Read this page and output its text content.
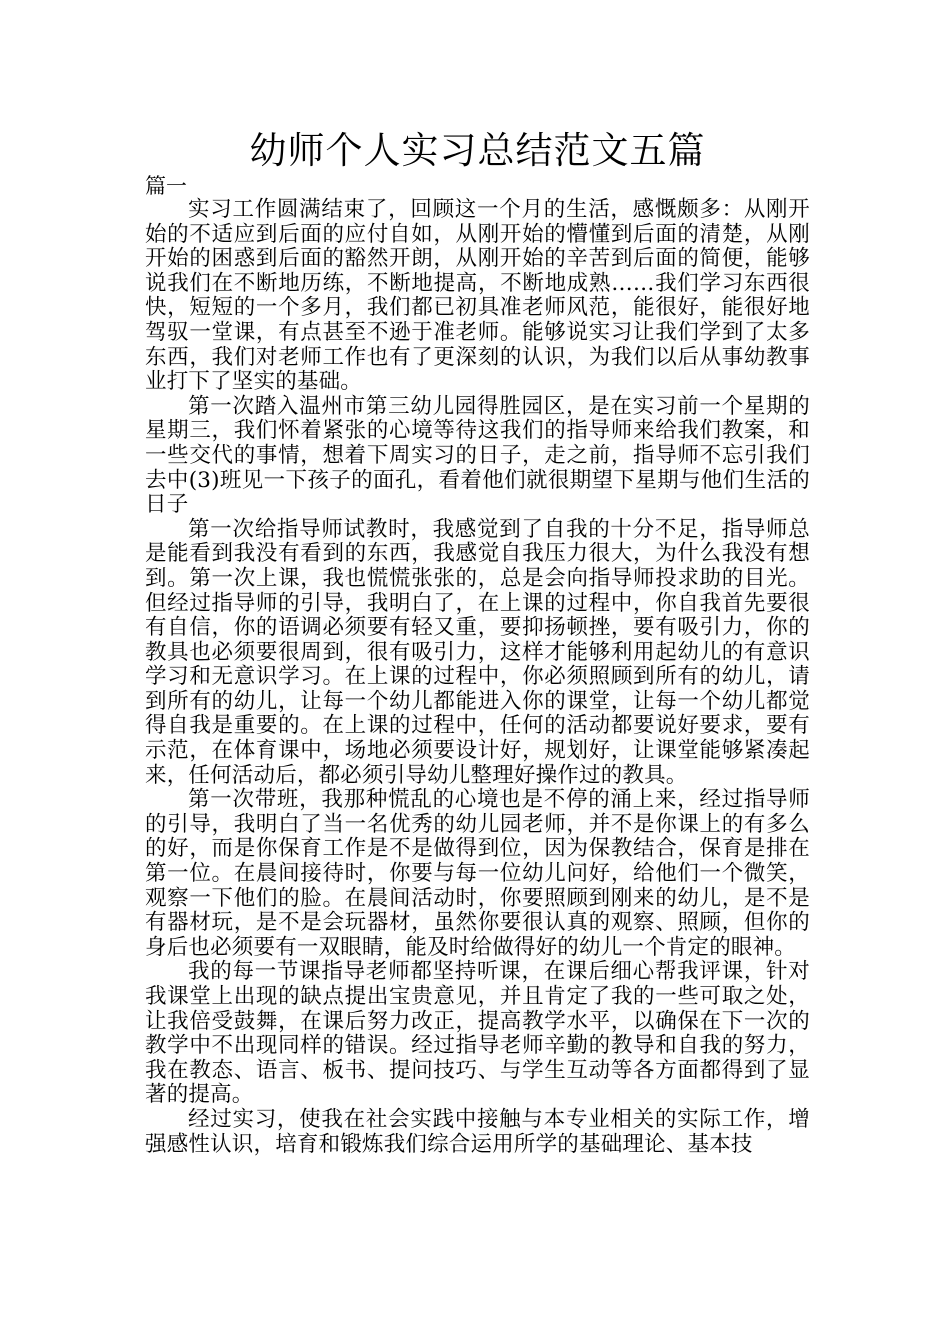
幼师个人实习总结范文五篇

篇一

实习工作圆满结束了，回顾这一个月的生活，感慨颇多：从刚开始的不适应到后面的应付自如，从刚开始的懵懂到后面的清楚，从刚开始的困惑到后面的豁然开朗，从刚开始的辛苦到后面的简便，能够说我们在不断地历练，不断地提高，不断地成熟……我们学习东西很快，短短的一个多月，我们都已初具准老师风范，能很好，能很好地驾驭一堂课，有点甚至不逊于准老师。能够说实习让我们学到了太多东西，我们对老师工作也有了更深刻的认识，为我们以后从事幼教事业打下了坚实的基础。

第一次踏入温州市第三幼儿园得胜园区，是在实习前一个星期的星期三，我们怀着紧张的心境等待这我们的指导师来给我们教案，和一些交代的事情，想着下周实习的日子，走之前，指导师不忘引我们去中(3)班见一下孩子的面孔，看着他们就很期望下星期与他们生活的日子

第一次给指导师试教时，我感觉到了自我的十分不足，指导师总是能看到我没有看到的东西，我感觉自我压力很大，为什么我没有想到。第一次上课，我也慌慌张张的，总是会向指导师投求助的目光。但经过指导师的引导，我明白了，在上课的过程中，你自我首先要很有自信，你的语调必须要有轻又重，要抑扬顿挫，要有吸引力，你的教具也必须要很周到，很有吸引力，这样才能够利用起幼儿的有意识学习和无意识学习。在上课的过程中，你必须照顾到所有的幼儿，请到所有的幼儿，让每一个幼儿都能进入你的课堂，让每一个幼儿都觉得自我是重要的。在上课的过程中，任何的活动都要说好要求，要有示范，在体育课中，场地必须要设计好，规划好，让课堂能够紧凑起来，任何活动后，都必须引导幼儿整理好操作过的教具。

第一次带班，我那种慌乱的心境也是不停的涌上来，经过指导师的引导，我明白了当一名优秀的幼儿园老师，并不是你课上的有多么的好，而是你保育工作是不是做得到位，因为保教结合，保育是排在第一位。在晨间接待时，你要与每一位幼儿问好，给他们一个微笑，观察一下他们的脸。在晨间活动时，你要照顾到刚来的幼儿，是不是有器材玩，是不是会玩器材，虽然你要很认真的观察、照顾，但你的身后也必须要有一双眼睛，能及时给做得好的幼儿一个肯定的眼神。

我的每一节课指导老师都坚持听课，在课后细心帮我评课，针对我课堂上出现的缺点提出宝贵意见，并且肯定了我的一些可取之处，让我倍受鼓舞，在课后努力改正，提高教学水平，以确保在下一次的教学中不出现同样的错误。经过指导老师辛勤的教导和自我的努力，我在教态、语言、板书、提问技巧、与学生互动等各方面都得到了显著的提高。

经过实习，使我在社会实践中接触与本专业相关的实际工作，增强感性认识，培育和锻炼我们综合运用所学的基础理论、基本技
